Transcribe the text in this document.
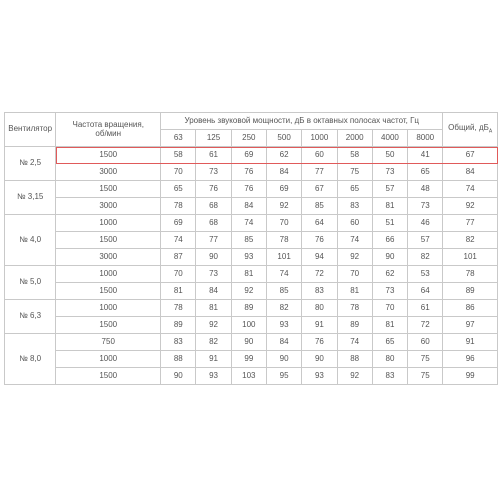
Вентилятор	Частота вращения, об/мин	Уровень звуковой мощности, дБ в октавных полосах частот, Гц								Общий, $дБ_А$
		63	125	250	500	1000	2000	4000	8000	
№ 2,5	1500	58	61	69	62	60	58	50	41	67
	3000	70	73	76	84	77	75	73	65	84
№ 3,15	1500	65	76	76	69	67	65	57	48	74
	3000	78	68	84	92	85	83	81	73	92
№ 4,0	1000	69	68	74	70	64	60	51	46	77
	1500	74	77	85	78	76	74	66	57	82
	3000	87	90	93	101	94	92	90	82	101
№ 5,0	1000	70	73	81	74	72	70	62	53	78
	1500	81	84	92	85	83	81	73	64	89
№ 6,3	1000	78	81	89	82	80	78	70	61	86
	1500	89	92	100	93	91	89	81	72	97
№ 8,0	750	83	82	90	84	76	74	65	60	91
	1000	88	91	99	90	90	88	80	75	96
	1500	90	93	103	95	93	92	83	75	99
